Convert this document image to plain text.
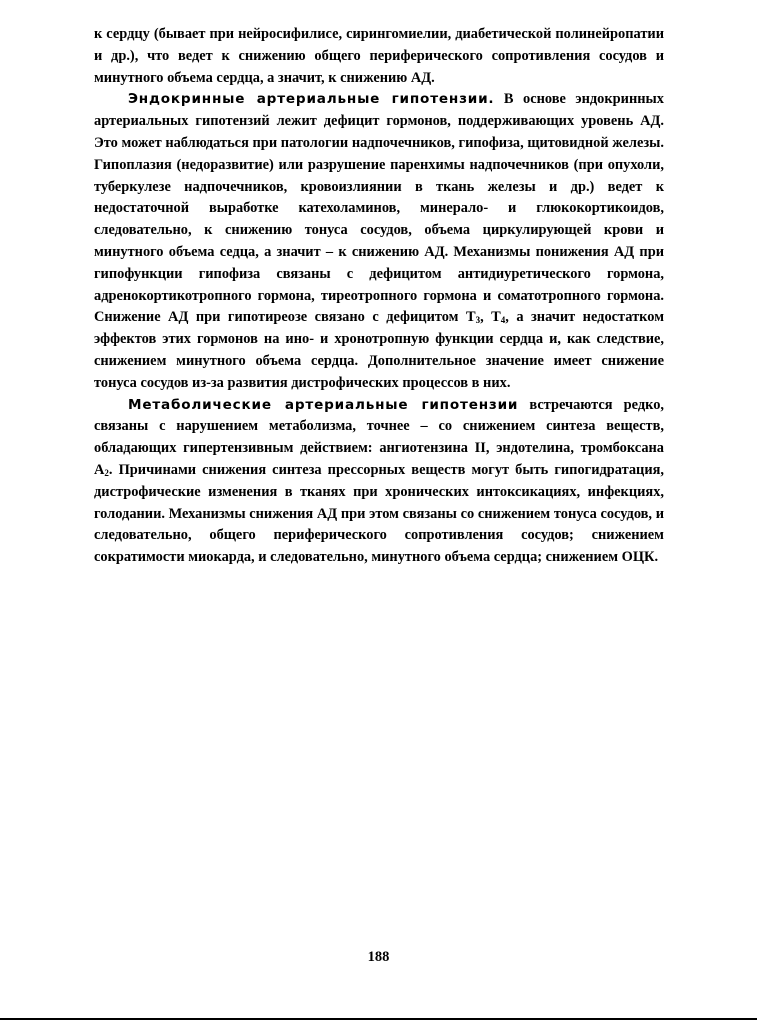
к сердцу (бывает при нейросифилисе, сирингомиелии, диабетической полинейропатии и др.), что ведет к снижению общего периферического сопротивления сосудов и минутного объема сердца, а значит, к снижению АД.

Эндокринные артериальные гипотензии. В основе эндокринных артериальных гипотензий лежит дефицит гормонов, поддерживающих уровень АД. Это может наблюдаться при патологии надпочечников, гипофиза, щитовидной железы. Гипоплазия (недоразвитие) или разрушение паренхимы надпочечников (при опухоли, туберкулезе надпочечников, кровоизлиянии в ткань железы и др.) ведет к недостаточной выработке катехоламинов, минерало- и глюкокортикоидов, следовательно, к снижению тонуса сосудов, объема циркулирующей крови и минутного объема седца, а значит – к снижению АД. Механизмы понижения АД при гипофункции гипофиза связаны с дефицитом антидиуретического гормона, адренокортикотропного гормона, тиреотропного гормона и соматотропного гормона. Снижение АД при гипотиреозе связано с дефицитом $Т_3$, $Т_4$, а значит недостатком эффектов этих гормонов на ино- и хронотропную функции сердца и, как следствие, снижением минутного объема сердца. Дополнительное значение имеет снижение тонуса сосудов из-за развития дистрофических процессов в них.

Метаболические артериальные гипотензии встречаются редко, связаны с нарушением метаболизма, точнее – со снижением синтеза веществ, обладающих гипертензивным действием: ангиотензина II, эндотелина, тромбоксана $А_2$. Причинами снижения синтеза прессорных веществ могут быть гипогидратация, дистрофические изменения в тканях при хронических интоксикациях, инфекциях, голодании. Механизмы снижения АД при этом связаны со снижением тонуса сосудов, и следовательно, общего периферического сопротивления сосудов; снижением сократимости миокарда, и следовательно, минутного объема сердца; снижением ОЦК.

188
